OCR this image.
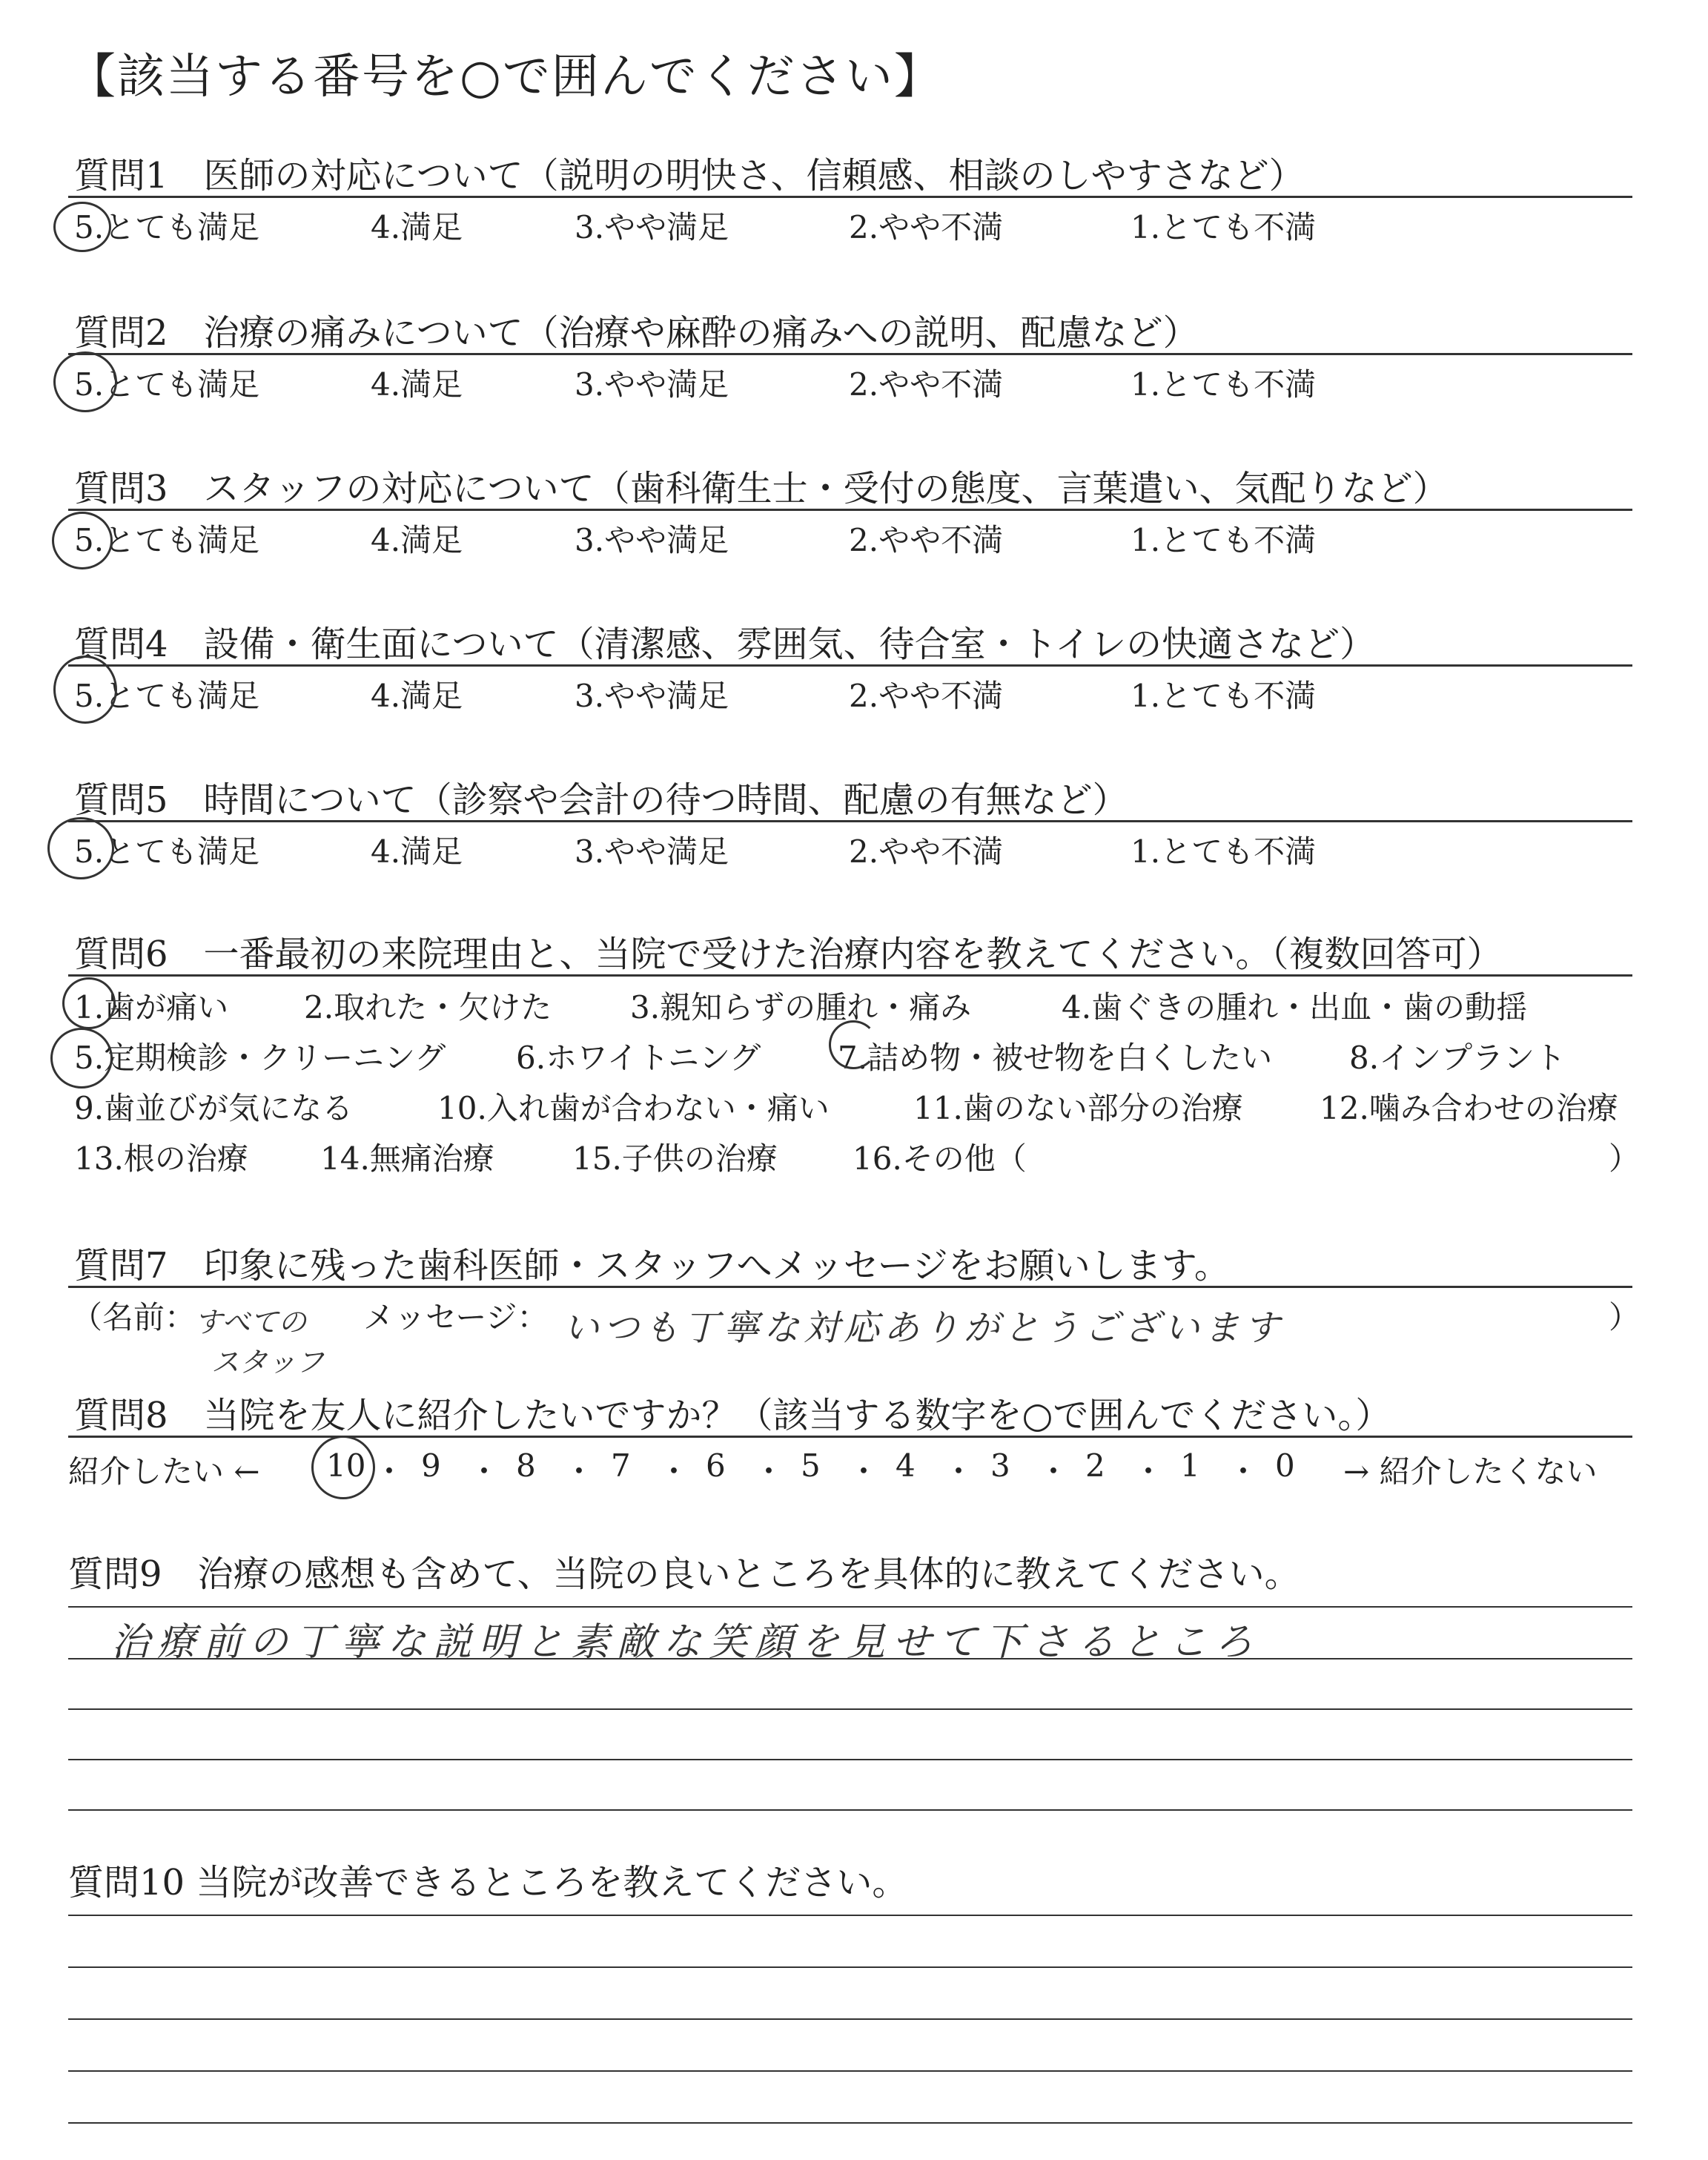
【該当する番号を○で囲んでください】
質問1　医師の対応について（説明の明快さ、信頼感、相談のしやすさなど）
5.とても満足	4.満足	3.やや満足	2.やや不満	1.とても不満
質問2　治療の痛みについて（治療や麻酔の痛みへの説明、配慮など）
5.とても満足	4.満足	3.やや満足	2.やや不満	1.とても不満
質問3　スタッフの対応について（歯科衛生士・受付の態度、言葉遣い、気配りなど）
5.とても満足	4.満足	3.やや満足	2.やや不満	1.とても不満
質問4　設備・衛生面について（清潔感、雰囲気、待合室・トイレの快適さなど）
5.とても満足	4.満足	3.やや満足	2.やや不満	1.とても不満
質問5　時間について（診察や会計の待つ時間、配慮の有無など）
5.とても満足	4.満足	3.やや満足	2.やや不満	1.とても不満
質問6　一番最初の来院理由と、当院で受けた治療内容を教えてください。（複数回答可）
1.歯が痛い 2.取れた・欠けた	3.親知らずの腫れ・痛み	4.歯ぐきの腫れ・出血・歯の動揺
5.定期検診・クリーニング 6.ホワイトニング 7.詰め物・被せ物を白くしたい 8.インプラント
9.歯並びが気になる	10.入れ歯が合わない・痛い	11.歯のない部分の治療 12.噛み合わせの治療
13.根の治療 14.無痛治療	15.子供の治療 16.その他（	）
質問7　印象に残った歯科医師・スタッフへメッセージをお願いします。
（名前：
すべての
スタッフ
メッセージ： いつも丁寧な対応ありがとうございます	）
質問8　当院を友人に紹介したいですか？（該当する数字を○で囲んでください。）
紹介したい ← 10 ・ 9 ・ 8 ・ 7 ・ 6 ・ 5 ・ 4 ・ 3 ・ 2 ・ 1 ・ 0 → 紹介したくない
質問9　治療の感想も含めて、当院の良いところを具体的に教えてください。
治療前の丁寧な説明と素敵な笑顔を見せて下さるところ
質問10 当院が改善できるところを教えてください。
